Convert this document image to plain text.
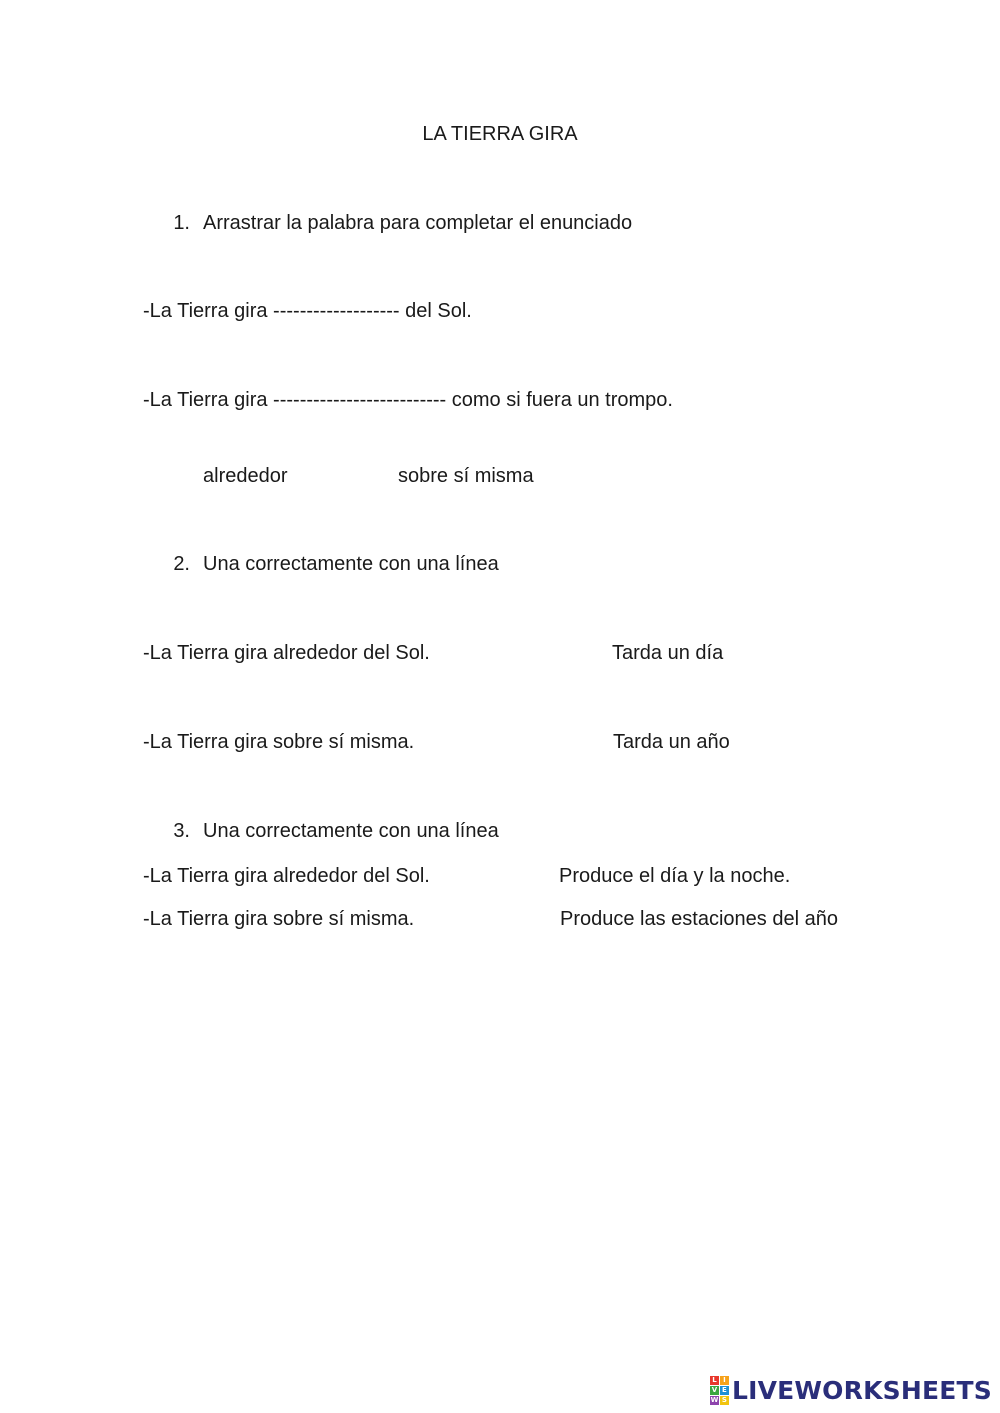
LA TIERRA GIRA
1. Arrastrar la palabra para completar el enunciado
-La Tierra gira ------------------- del Sol.
-La Tierra gira -------------------------- como si fuera un trompo.
alrededor	sobre sí misma
2. Una correctamente con una línea
-La Tierra gira alrededor del Sol.	Tarda un día
-La Tierra gira sobre sí misma.	Tarda un año
3. Una correctamente con una línea
-La Tierra gira alrededor del Sol.	Produce el día y la noche.
-La Tierra gira sobre sí misma.	Produce las estaciones del año
L I
V E
W S LIVEWORKSHEETS
